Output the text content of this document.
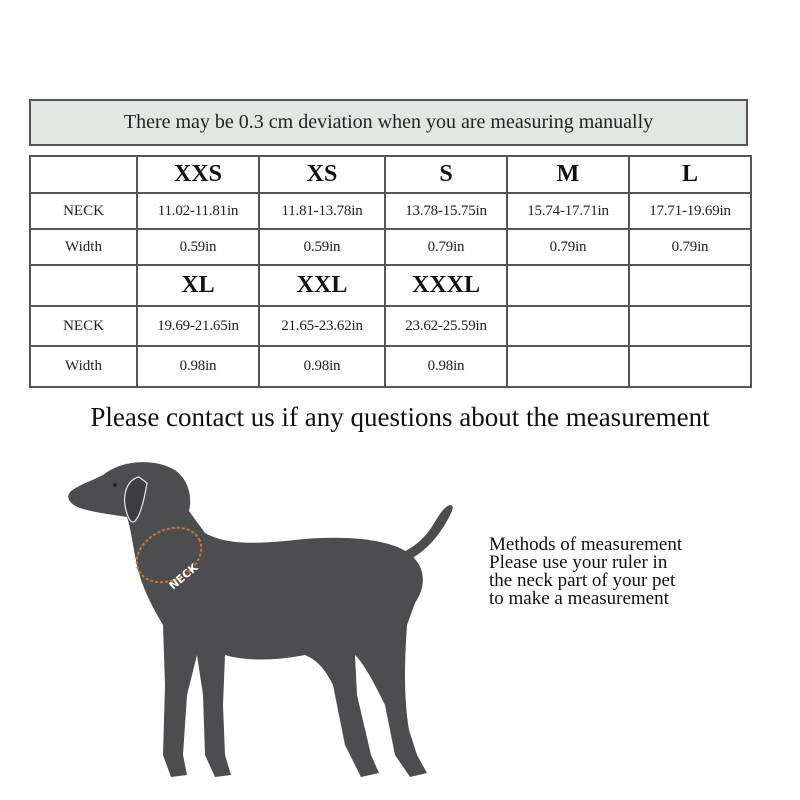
There may be 0.3 cm deviation when you are measuring manually
	XXS	XS	S	M	L
NECK	11.02-11.81in	11.81-13.78in	13.78-15.75in	15.74-17.71in	17.71-19.69in
Width	0.59in	0.59in	0.79in	0.79in	0.79in
	XL	XXL	XXXL		
NECK	19.69-21.65in	21.65-23.62in	23.62-25.59in		
Width	0.98in	0.98in	0.98in		
Please contact us if any questions about the measurement
NECK
Methods of measurement
Please use your ruler in
the neck part of your pet
to make a measurement
